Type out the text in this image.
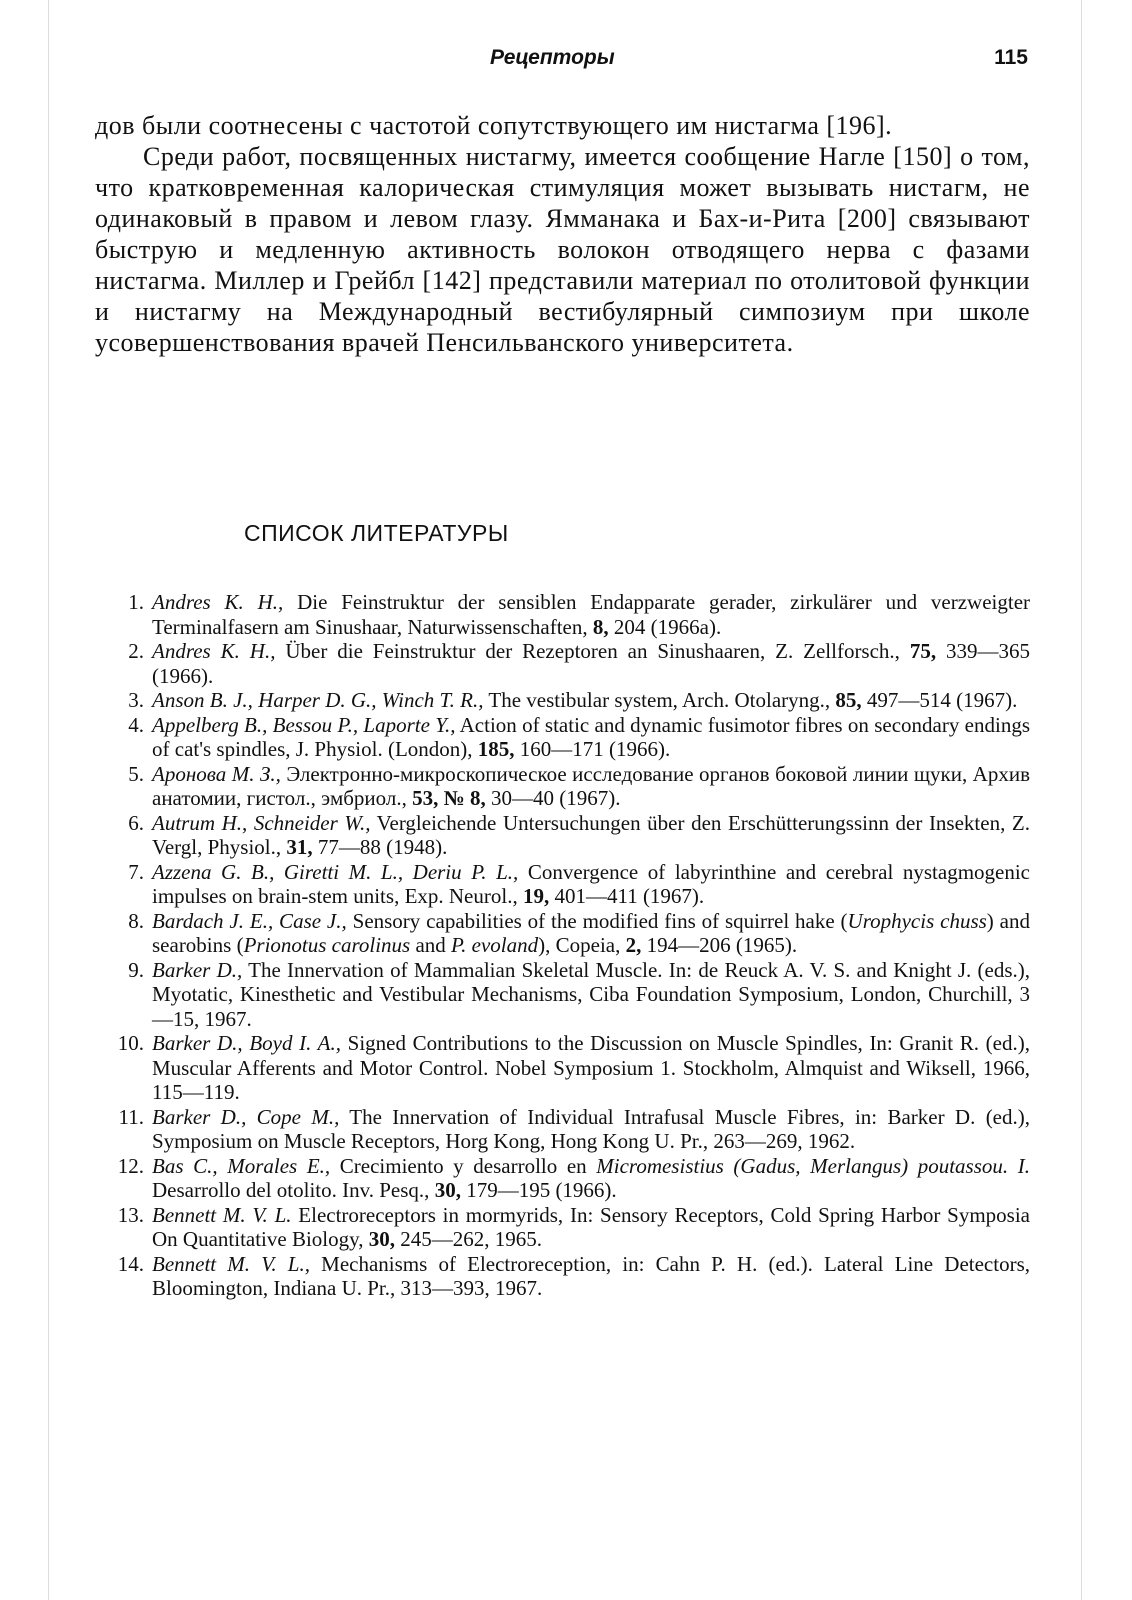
Рецепторы	115

дов были соотнесены с частотой сопутствующего им нистагма [196].

Среди работ, посвященных нистагму, имеется сообщение Нагле [150] о том, что кратковременная калорическая стимуляция может вызывать нистагм, не одинаковый в правом и левом глазу. Ямманака и Бах-и-Рита [200] связывают быструю и медленную активность волокон отводящего нерва с фазами нистагма. Миллер и Грейбл [142] представили материал по отолитовой функции и нистагму на Международный вестибулярный симпозиум при школе усовершенствования врачей Пенсильванского университета.

СПИСОК ЛИТЕРАТУРЫ
1. Andres K. H., Die Feinstruktur der sensiblen Endapparate gerader, zirkulärer und verzweigter Terminalfasern am Sinushaar, Naturwissenschaften, 8, 204 (1966a).
2. Andres K. H., Über die Feinstruktur der Rezeptoren an Sinushaaren, Z. Zellforsch., 75, 339—365 (1966).
3. Anson B. J., Harper D. G., Winch T. R., The vestibular system, Arch. Otolaryng., 85, 497—514 (1967).
4. Appelberg B., Bessou P., Laporte Y., Action of static and dynamic fusimotor fibres on secondary endings of cat's spindles, J. Physiol. (London), 185, 160—171 (1966).
5. Аронова М. З., Электронно-микроскопическое исследование органов боковой линии щуки, Архив анатомии, гистол., эмбриол., 53, № 8, 30—40 (1967).
6. Autrum H., Schneider W., Vergleichende Untersuchungen über den Erschütterungssinn der Insekten, Z. Vergl, Physiol., 31, 77—88 (1948).
7. Azzena G. B., Giretti M. L., Deriu P. L., Convergence of labyrinthine and cerebral nystagmogenic impulses on brain-stem units, Exp. Neurol., 19, 401—411 (1967).
8. Bardach J. E., Case J., Sensory capabilities of the modified fins of squirrel hake (Urophycis chuss) and searobins (Prionotus carolinus and P. evoland), Copeia, 2, 194—206 (1965).
9. Barker D., The Innervation of Mammalian Skeletal Muscle. In: de Reuck A. V. S. and Knight J. (eds.), Myotatic, Kinesthetic and Vestibular Mechanisms, Ciba Foundation Symposium, London, Churchill, 3—15, 1967.
10. Barker D., Boyd I. A., Signed Contributions to the Discussion on Muscle Spindles, In: Granit R. (ed.), Muscular Afferents and Motor Control. Nobel Symposium 1. Stockholm, Almquist and Wiksell, 1966, 115—119.
11. Barker D., Cope M., The Innervation of Individual Intrafusal Muscle Fibres, in: Barker D. (ed.), Symposium on Muscle Receptors, Horg Kong, Hong Kong U. Pr., 263—269, 1962.
12. Bas C., Morales E., Crecimiento y desarrollo en Micromesistius (Gadus, Merlangus) poutassou. I. Desarrollo del otolito. Inv. Pesq., 30, 179—195 (1966).
13. Bennett M. V. L. Electroreceptors in mormyrids, In: Sensory Receptors, Cold Spring Harbor Symposia On Quantitative Biology, 30, 245—262, 1965.
14. Bennett M. V. L., Mechanisms of Electroreception, in: Cahn P. H. (ed.). Lateral Line Detectors, Bloomington, Indiana U. Pr., 313—393, 1967.
